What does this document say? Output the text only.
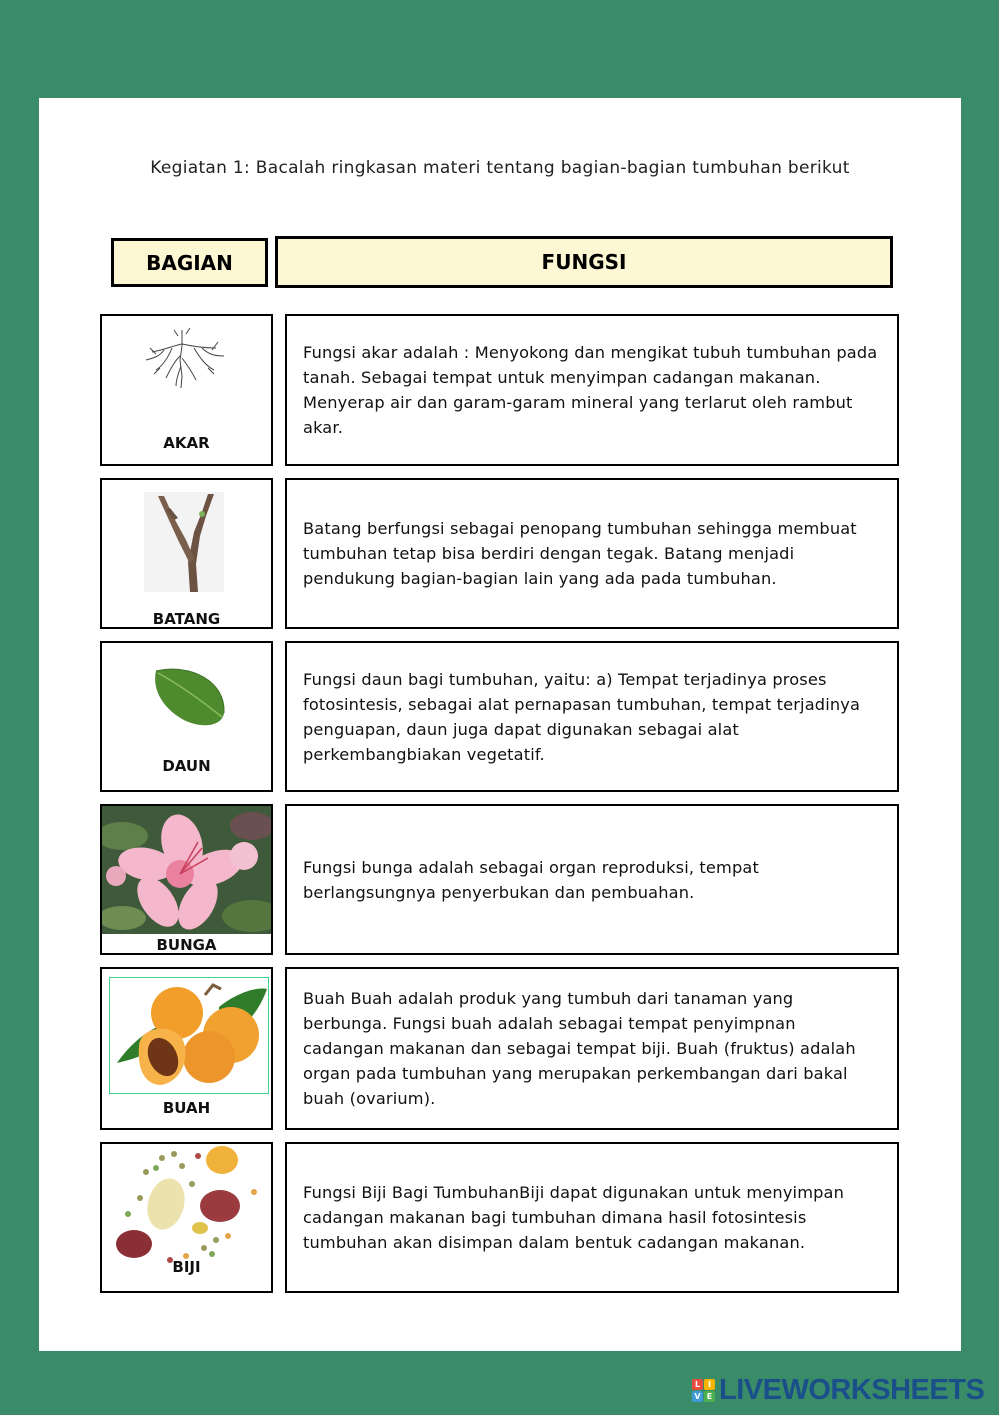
Kegiatan 1: Bacalah ringkasan materi tentang bagian-bagian tumbuhan berikut
BAGIAN	FUNGSI
AKAR
Fungsi akar adalah : Menyokong dan mengikat tubuh tumbuhan pada tanah. Sebagai tempat untuk menyimpan cadangan makanan. Menyerap air dan garam-garam mineral yang terlarut oleh rambut akar.
BATANG
Batang berfungsi sebagai penopang tumbuhan sehingga membuat tumbuhan tetap bisa berdiri dengan tegak. Batang menjadi pendukung bagian-bagian lain yang ada pada tumbuhan.
DAUN
Fungsi daun bagi tumbuhan, yaitu: a) Tempat terjadinya proses fotosintesis, sebagai alat pernapasan tumbuhan, tempat terjadinya penguapan, daun juga dapat digunakan sebagai alat perkembangbiakan vegetatif.
BUNGA
Fungsi bunga adalah sebagai organ reproduksi, tempat berlangsungnya penyerbukan dan pembuahan.
BUAH
Buah Buah adalah produk yang tumbuh dari tanaman yang berbunga. Fungsi buah adalah sebagai tempat penyimpnan cadangan makanan dan sebagai tempat biji. Buah (fruktus) adalah organ pada tumbuhan yang merupakan perkembangan dari bakal buah (ovarium).
BIJI
Fungsi Biji Bagi TumbuhanBiji dapat digunakan untuk menyimpan cadangan makanan bagi tumbuhan dimana hasil fotosintesis tumbuhan akan disimpan dalam bentuk cadangan makanan.
L I
V E LIVEWORKSHEETS
